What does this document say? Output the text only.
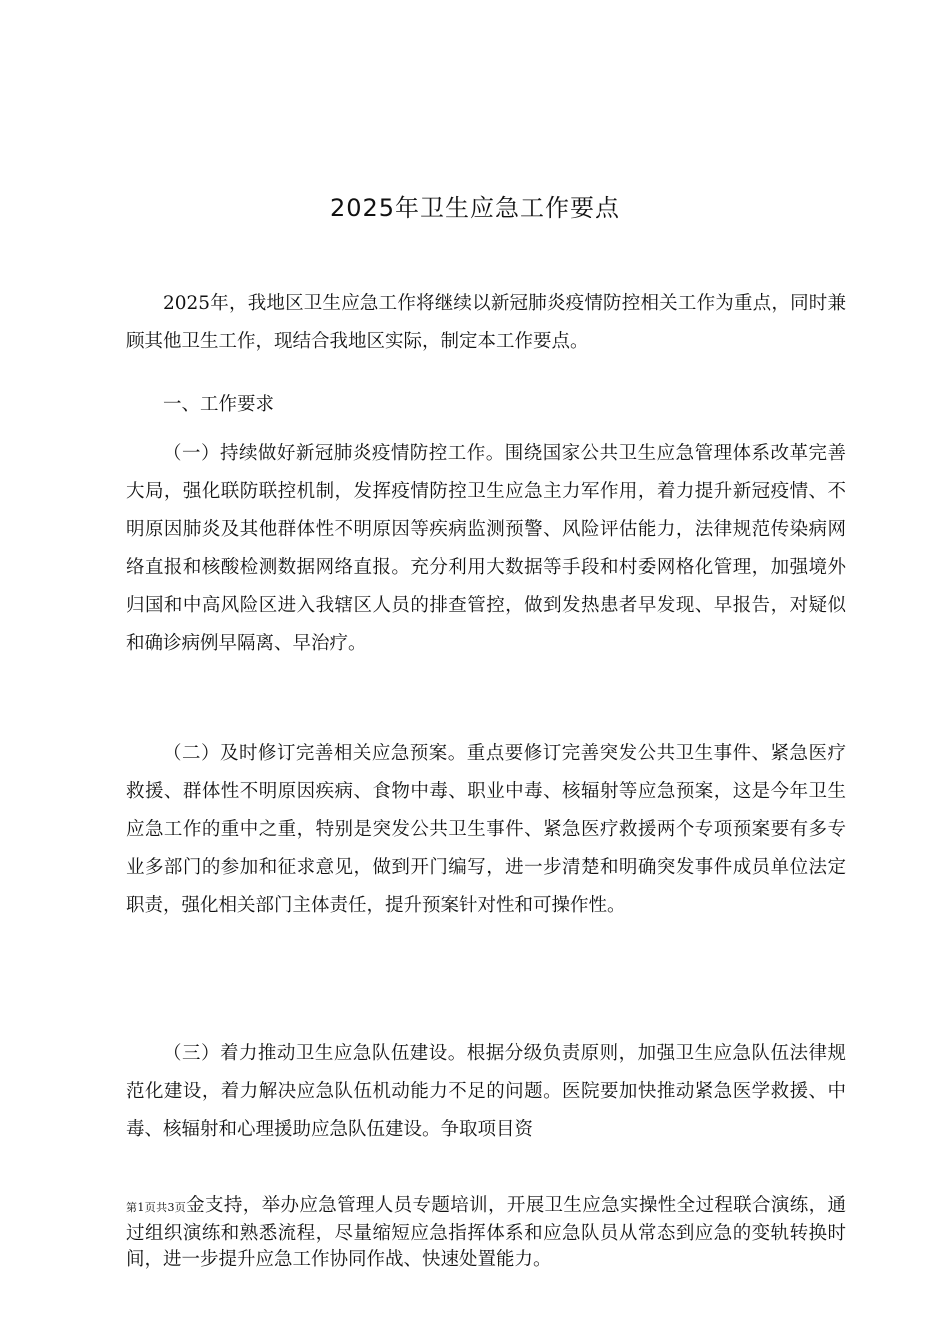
2025年卫生应急工作要点

2025年，我地区卫生应急工作将继续以新冠肺炎疫情防控相关工作为重点，同时兼顾其他卫生工作，现结合我地区实际，制定本工作要点。

一、工作要求

（一）持续做好新冠肺炎疫情防控工作。围绕国家公共卫生应急管理体系改革完善大局，强化联防联控机制，发挥疫情防控卫生应急主力军作用，着力提升新冠疫情、不明原因肺炎及其他群体性不明原因等疾病监测预警、风险评估能力，法律规范传染病网络直报和核酸检测数据网络直报。充分利用大数据等手段和村委网格化管理，加强境外归国和中高风险区进入我辖区人员的排查管控，做到发热患者早发现、早报告，对疑似和确诊病例早隔离、早治疗。

（二）及时修订完善相关应急预案。重点要修订完善突发公共卫生事件、紧急医疗救援、群体性不明原因疾病、食物中毒、职业中毒、核辐射等应急预案，这是今年卫生应急工作的重中之重，特别是突发公共卫生事件、紧急医疗救援两个专项预案要有多专业多部门的参加和征求意见，做到开门编写，进一步清楚和明确突发事件成员单位法定职责，强化相关部门主体责任，提升预案针对性和可操作性。

（三）着力推动卫生应急队伍建设。根据分级负责原则，加强卫生应急队伍法律规范化建设，着力解决应急队伍机动能力不足的问题。医院要加快推动紧急医学救援、中毒、核辐射和心理援助应急队伍建设。争取项目资

第1页共3页金支持，举办应急管理人员专题培训，开展卫生应急实操性全过程联合演练，通过组织演练和熟悉流程，尽量缩短应急指挥体系和应急队员从常态到应急的变轨转换时间，进一步提升应急工作协同作战、快速处置能力。
